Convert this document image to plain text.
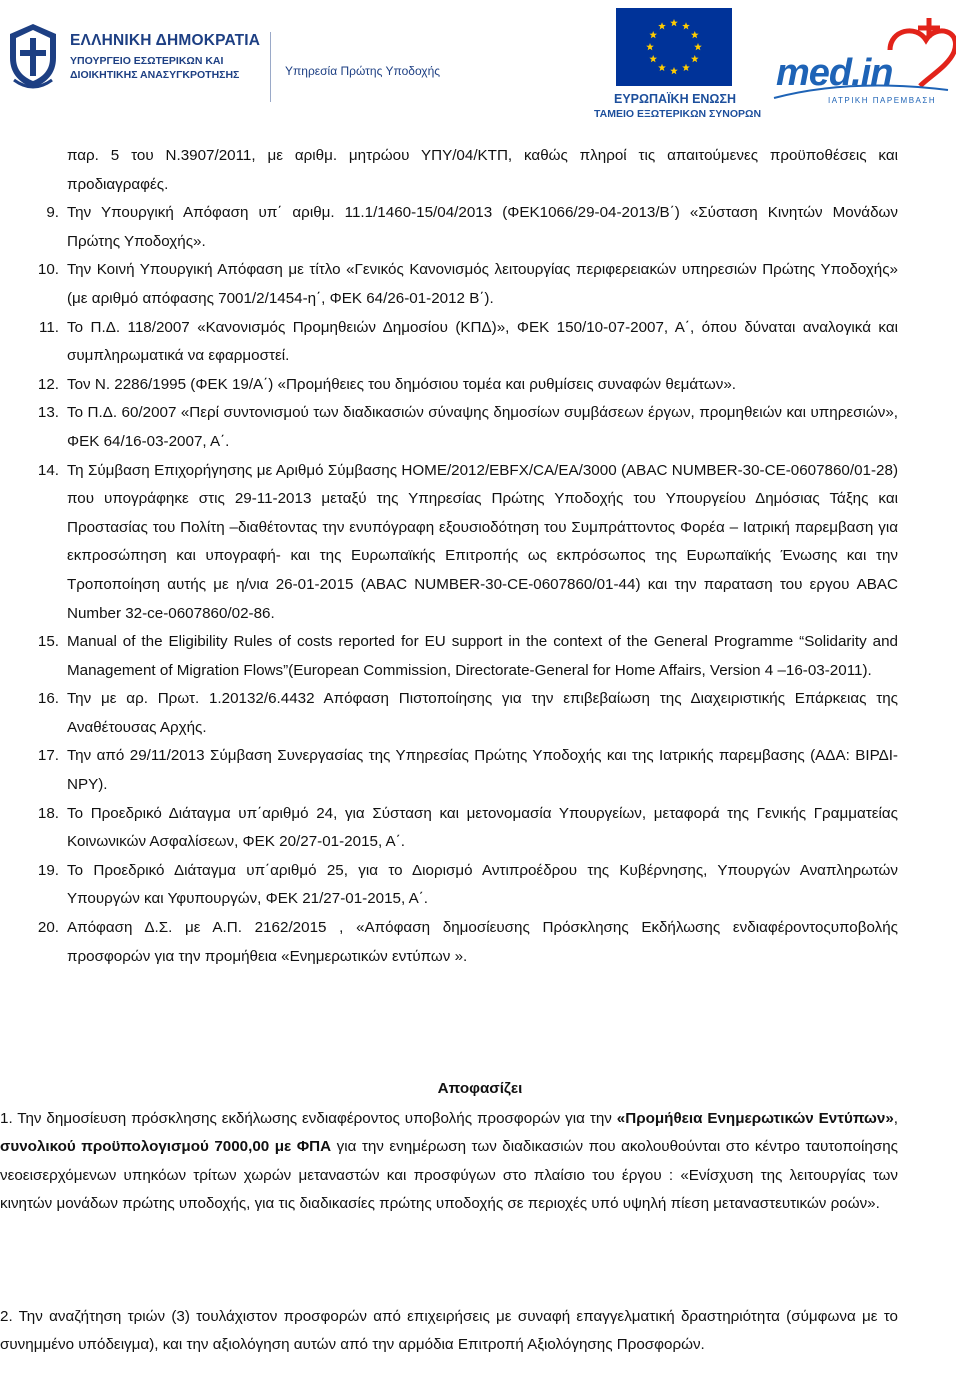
ΕΛΛΗΝΙΚΗ ΔΗΜΟΚΡΑΤΙΑ
ΥΠΟΥΡΓΕΙΟ ΕΣΩΤΕΡΙΚΩΝ ΚΑΙ
ΔΙΟΙΚΗΤΙΚΗΣ ΑΝΑΣΥΓΚΡΟΤΗΣΗΣ	Υπηρεσία Πρώτης Υποδοχής
ΕΥΡΩΠΑΪΚΗ ΕΝΩΣΗ
ΤΑΜΕΙΟ ΕΞΩΤΕΡΙΚΩΝ ΣΥΝΟΡΩΝ
med.in
ΙΑΤΡΙΚΗ ΠΑΡΕΜΒΑΣΗ
παρ. 5 του Ν.3907/2011, με αριθμ. μητρώου ΥΠΥ/04/ΚΤΠ, καθώς πληροί τις απαιτούμενες προϋποθέσεις και προδιαγραφές.
9. Την Υπουργική Απόφαση υπ΄ αριθμ. 11.1/1460-15/04/2013 (ΦΕΚ1066/29-04-2013/Β΄) «Σύσταση Κινητών Μονάδων Πρώτης Υποδοχής».
10. Την Κοινή Υπουργική Απόφαση με τίτλο «Γενικός Κανονισμός λειτουργίας περιφερειακών υπηρεσιών Πρώτης Υποδοχής» (με αριθμό απόφασης 7001/2/1454-η΄, ΦΕΚ 64/26-01-2012 Β΄).
11. Το Π.Δ. 118/2007 «Κανονισμός Προμηθειών Δημοσίου (ΚΠΔ)», ΦΕΚ 150/10-07-2007, Α΄, όπου δύναται αναλογικά και συμπληρωματικά να εφαρμοστεί.
12. Τον Ν. 2286/1995 (ΦΕΚ 19/Α΄) «Προμήθειες του δημόσιου τομέα και ρυθμίσεις συναφών θεμάτων».
13. Το Π.Δ. 60/2007 «Περί συντονισμού των διαδικασιών σύναψης δημοσίων συμβάσεων έργων, προμηθειών και υπηρεσιών», ΦΕΚ 64/16-03-2007, Α΄.
14. Τη Σύμβαση Επιχορήγησης με Αριθμό Σύμβασης HOME/2012/EBFX/CA/EA/3000 (ABAC NUMBER-30-CE-0607860/01-28) που υπογράφηκε στις 29-11-2013 μεταξύ της Υπηρεσίας Πρώτης Υποδοχής του Υπουργείου Δημόσιας Τάξης και Προστασίας του Πολίτη –διαθέτοντας την ενυπόγραφη εξουσιοδότηση του Συμπράττοντος Φορέα – Ιατρική παρεμβαση για εκπροσώπηση και υπογραφή- και της Ευρωπαϊκής Επιτροπής ως εκπρόσωπος της Ευρωπαϊκής Ένωσης και την Τροποποίηση αυτής με η/νια 26-01-2015 (ABAC NUMBER-30-CE-0607860/01-44) και την παραταση του εργου ABAC Number 32-ce-0607860/02-86.
15. Manual of the Eligibility Rules of costs reported for EU support in the context of the General Programme “Solidarity and Management of Migration Flows”(European Commission, Directorate-General for Home Affairs, Version 4 –16-03-2011).
16. Την με αρ. Πρωτ. 1.20132/6.4432 Απόφαση Πιστοποίησης για την επιβεβαίωση της Διαχειριστικής Επάρκειας της Αναθέτουσας Αρχής.
17. Την από 29/11/2013 Σύμβαση Συνεργασίας της Υπηρεσίας Πρώτης Υποδοχής και της Ιατρικής παρεμβασης (ΑΔΑ: ΒΙΡΔΙ-ΝΡΥ).
18. Το Προεδρικό Διάταγμα υπ΄αριθμό 24, για Σύσταση και μετονομασία Υπουργείων, μεταφορά της Γενικής Γραμματείας Κοινωνικών Ασφαλίσεων, ΦΕΚ 20/27-01-2015, Α΄.
19. Το Προεδρικό Διάταγμα υπ΄αριθμό 25, για το Διορισμό Αντιπροέδρου της Κυβέρνησης, Υπουργών Αναπληρωτών Υπουργών και Υφυπουργών, ΦΕΚ 21/27-01-2015, Α΄.
20. Απόφαση Δ.Σ. με Α.Π. 2162/2015 , «Απόφαση δημοσίευσης Πρόσκλησης Εκδήλωσης ενδιαφέροντοςυποβολής προσφορών για την προμήθεια «Ενημερωτικών εντύπων ».
Αποφασίζει
1. Την δημοσίευση πρόσκλησης εκδήλωσης ενδιαφέροντος υποβολής προσφορών για την «Προμήθεια Ενημερωτικών Εντύπων», συνολικού προϋπολογισμού 7000,00 με ΦΠΑ για την ενημέρωση των διαδικασιών που ακολουθούνται στο κέντρο ταυτοποίησης νεοεισερχόμενων υπηκόων τρίτων χωρών μεταναστών και προσφύγων στο πλαίσιο του έργου : «Ενίσχυση της λειτουργίας των κινητών μονάδων πρώτης υποδοχής, για τις διαδικασίες πρώτης υποδοχής σε περιοχές υπό υψηλή πίεση μεταναστευτικών ροών».
2. Την αναζήτηση τριών (3) τουλάχιστον προσφορών από επιχειρήσεις με συναφή επαγγελματική δραστηριότητα (σύμφωνα με το συνημμένο υπόδειγμα), και την αξιολόγηση αυτών από την αρμόδια Επιτροπή Αξιολόγησης Προσφορών.
